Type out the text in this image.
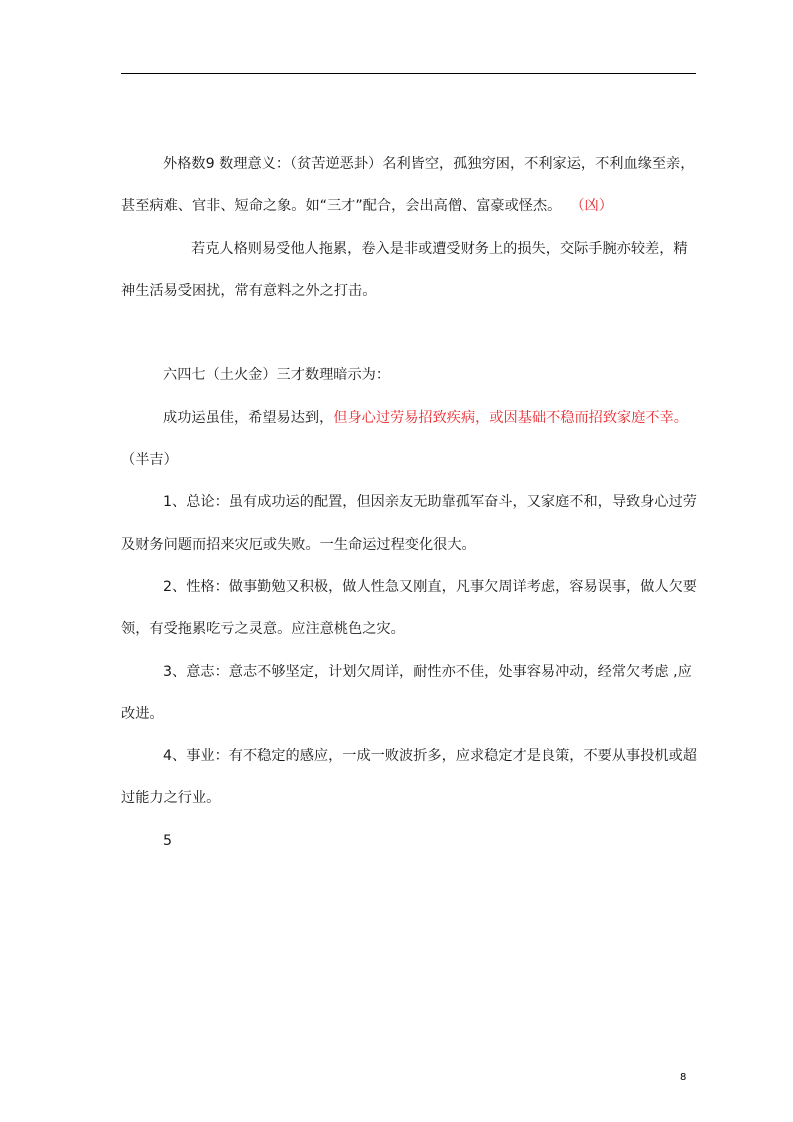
外格数9 数理意义：（贫苦逆恶卦）名利皆空，孤独穷困，不利家运，不利血缘至亲，

甚至病难、官非、短命之象。如“三才”配合，会出高僧、富豪或怪杰。 （凶）

若克人格则易受他人拖累，卷入是非或遭受财务上的损失，交际手腕亦较差，精

神生活易受困扰，常有意料之外之打击。

六四七（土火金）三才数理暗示为：

成功运虽佳，希望易达到，但身心过劳易招致疾病，或因基础不稳而招致家庭不幸。

（半吉）

1、总论：虽有成功运的配置，但因亲友无助靠孤军奋斗，又家庭不和，导致身心过劳

及财务问题而招来灾厄或失败。一生命运过程变化很大。

2、性格：做事勤勉又积极，做人性急又刚直，凡事欠周详考虑，容易误事，做人欠要

领，有受拖累吃亏之灵意。应注意桃色之灾。

3、意志：意志不够坚定，计划欠周详，耐性亦不佳，处事容易冲动，经常欠考虑 ,应

改进。

4、事业：有不稳定的感应，一成一败波折多，应求稳定才是良策，不要从事投机或超

过能力之行业。

5

8
